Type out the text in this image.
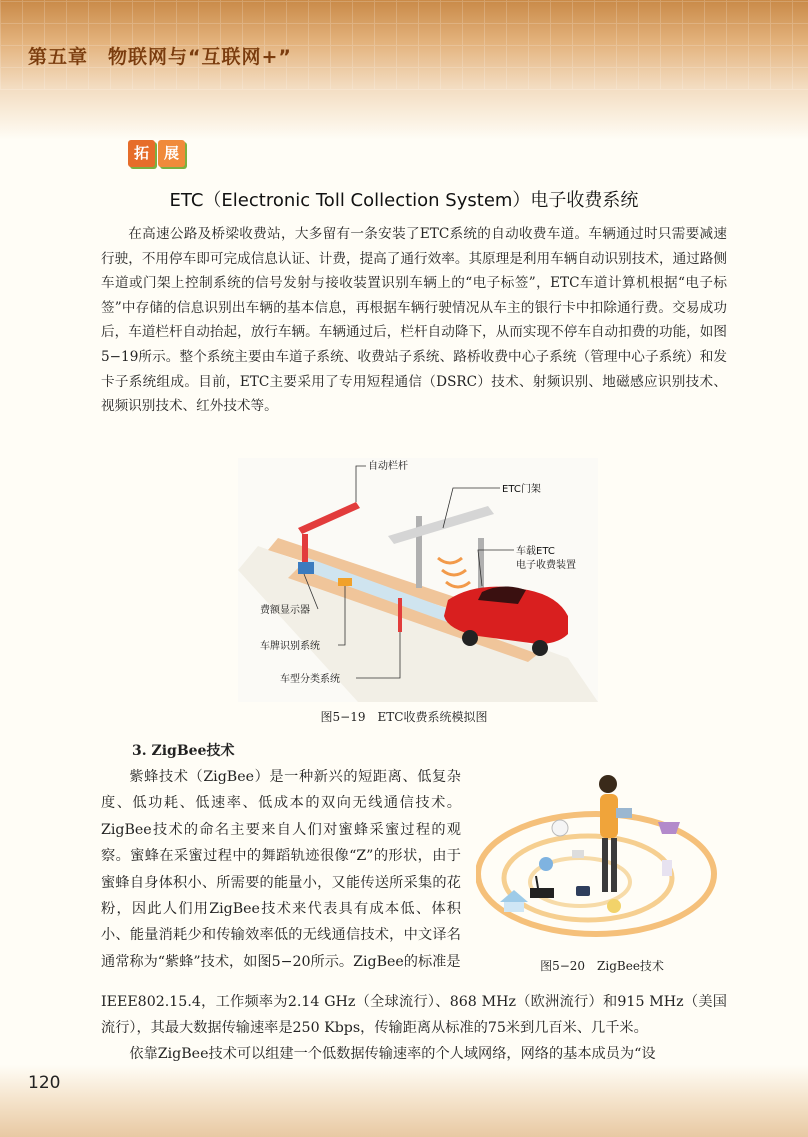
第五章　物联网与“互联网+”
拓 展
ETC（Electronic Toll Collection System）电子收费系统

在高速公路及桥梁收费站，大多留有一条安装了ETC系统的自动收费车道。车辆通过时只需要减速行驶，不用停车即可完成信息认证、计费，提高了通行效率。其原理是利用车辆自动识别技术，通过路侧车道或门架上控制系统的信号发射与接收装置识别车辆上的“电子标签”，ETC车道计算机根据“电子标签”中存储的信息识别出车辆的基本信息，再根据车辆行驶情况从车主的银行卡中扣除通行费。交易成功后，车道栏杆自动抬起，放行车辆。车辆通过后，栏杆自动降下，从而实现不停车自动扣费的功能，如图5−19所示。整个系统主要由车道子系统、收费站子系统、路桥收费中心子系统（管理中心子系统）和发卡子系统组成。目前，ETC主要采用了专用短程通信（DSRC）技术、射频识别、地磁感应识别技术、视频识别技术、红外技术等。

自动栏杆
ETC门架
车载ETC
电子收费装置
费额显示器
车牌识别系统
车型分类系统
图5−19　ETC收费系统模拟图
3. ZigBee技术

紫蜂技术（ZigBee）是一种新兴的短距离、低复杂度、低功耗、低速率、低成本的双向无线通信技术。ZigBee技术的命名主要来自人们对蜜蜂采蜜过程的观察。蜜蜂在采蜜过程中的舞蹈轨迹很像“Z”的形状，由于蜜蜂自身体积小、所需要的能量小，又能传送所采集的花粉，因此人们用ZigBee技术来代表具有成本低、体积小、能量消耗少和传输效率低的无线通信技术，中文译名通常称为“紫蜂”技术，如图5−20所示。ZigBee的标准是	图5−20　ZigBee技术

IEEE802.15.4，工作频率为2.14 GHz（全球流行）、868 MHz（欧洲流行）和915 MHz（美国流行），其最大数据传输速率是250 Kbps，传输距离从标准的75米到几百米、几千米。

依靠ZigBee技术可以组建一个低数据传输速率的个人域网络，网络的基本成员为“设

120
